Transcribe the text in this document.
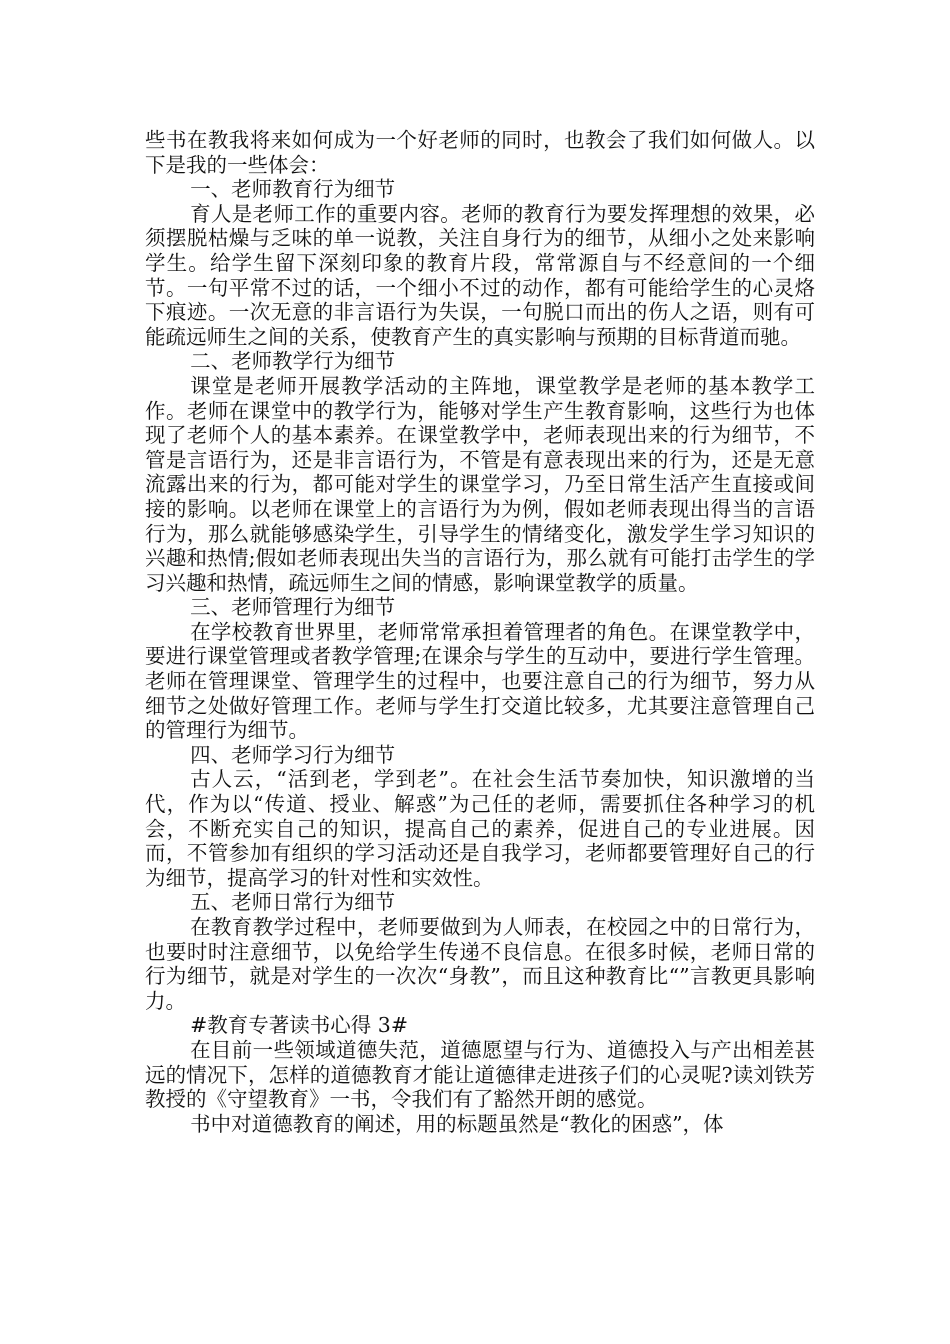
些书在教我将来如何成为一个好老师的同时，也教会了我们如何做人。以下是我的一些体会：

一、老师教育行为细节

育人是老师工作的重要内容。老师的教育行为要发挥理想的效果，必须摆脱枯燥与乏味的单一说教，关注自身行为的细节，从细小之处来影响学生。给学生留下深刻印象的教育片段，常常源自与不经意间的一个细节。一句平常不过的话，一个细小不过的动作，都有可能给学生的心灵烙下痕迹。一次无意的非言语行为失误，一句脱口而出的伤人之语，则有可能疏远师生之间的关系，使教育产生的真实影响与预期的目标背道而驰。

二、老师教学行为细节

课堂是老师开展教学活动的主阵地，课堂教学是老师的基本教学工作。老师在课堂中的教学行为，能够对学生产生教育影响，这些行为也体现了老师个人的基本素养。在课堂教学中，老师表现出来的行为细节，不管是言语行为，还是非言语行为，不管是有意表现出来的行为，还是无意流露出来的行为，都可能对学生的课堂学习，乃至日常生活产生直接或间接的影响。以老师在课堂上的言语行为为例，假如老师表现出得当的言语行为，那么就能够感染学生，引导学生的情绪变化，激发学生学习知识的兴趣和热情;假如老师表现出失当的言语行为，那么就有可能打击学生的学习兴趣和热情，疏远师生之间的情感，影响课堂教学的质量。

三、老师管理行为细节

在学校教育世界里，老师常常承担着管理者的角色。在课堂教学中，要进行课堂管理或者教学管理;在课余与学生的互动中，要进行学生管理。老师在管理课堂、管理学生的过程中，也要注意自己的行为细节，努力从细节之处做好管理工作。老师与学生打交道比较多，尤其要注意管理自己的管理行为细节。

四、老师学习行为细节

古人云，“活到老，学到老”。在社会生活节奏加快，知识激增的当代，作为以“传道、授业、解惑”为己任的老师，需要抓住各种学习的机会，不断充实自己的知识，提高自己的素养，促进自己的专业进展。因而，不管参加有组织的学习活动还是自我学习，老师都要管理好自己的行为细节，提高学习的针对性和实效性。

五、老师日常行为细节

在教育教学过程中，老师要做到为人师表，在校园之中的日常行为，也要时时注意细节，以免给学生传递不良信息。在很多时候，老师日常的行为细节，就是对学生的一次次“身教”，而且这种教育比“”言教更具影响力。

#教育专著读书心得 3#

在目前一些领域道德失范，道德愿望与行为、道德投入与产出相差甚远的情况下，怎样的道德教育才能让道德律走进孩子们的心灵呢?读刘铁芳教授的《守望教育》一书，令我们有了豁然开朗的感觉。

书中对道德教育的阐述，用的标题虽然是“教化的困惑”，体
